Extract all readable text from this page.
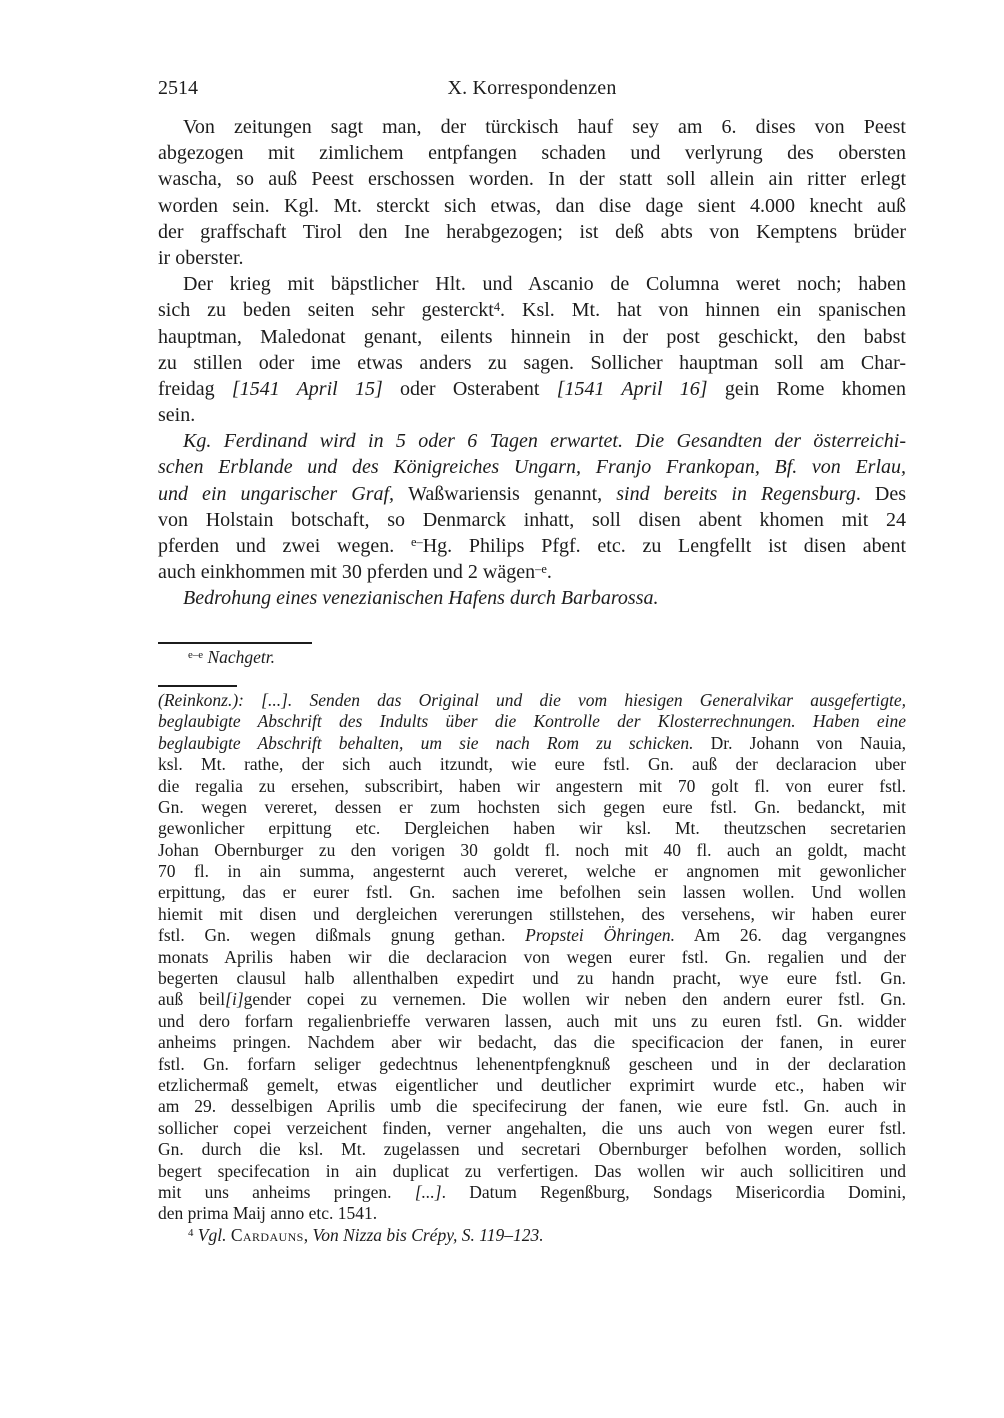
2514	X. Korrespondenzen
Von zeitungen sagt man, der türckisch hauf sey am 6. dises von Peest
abgezogen mit zimlichem entpfangen schaden und verlyrung des obersten
wascha, so auß Peest erschossen worden. In der statt soll allein ain ritter erlegt
worden sein. Kgl. Mt. sterckt sich etwas, dan dise dage sient 4.000 knecht auß
der graffschaft Tirol den Ine herabgezogen; ist deß abts von Kemptens brüder
ir oberster.
Der krieg mit bäpstlicher Hlt. und Ascanio de Columna weret noch; haben
sich zu beden seiten sehr gesterckt$^4$. Ksl. Mt. hat von hinnen ein spanischen
hauptman, Maledonat genant, eilents hinnein in der post geschickt, den babst
zu stillen oder ime etwas anders zu sagen. Sollicher hauptman soll am Char-
freidag [1541 April 15] oder Osterabent [1541 April 16] gein Rome khomen
sein.
Kg. Ferdinand wird in 5 oder 6 Tagen erwartet. Die Gesandten der österreichi-
schen Erblande und des Königreiches Ungarn, Franjo Frankopan, Bf. von Erlau,
und ein ungarischer Graf, Waßwariensis genannt, sind bereits in Regensburg. Des
von Holstain botschaft, so Denmarck inhatt, soll disen abent khomen mit 24
pferden und zwei wegen. $^{e-}$Hg. Philips Pfgf. etc. zu Lengfellt ist disen abent
auch einkhommen mit 30 pferden und 2 wägen$^{-e}$.
Bedrohung eines venezianischen Hafens durch Barbarossa.
$^{e-e}$ Nachgetr.
(Reinkonz.): [...]. Senden das Original und die vom hiesigen Generalvikar ausgefertigte,
beglaubigte Abschrift des Indults über die Kontrolle der Klosterrechnungen. Haben eine
beglaubigte Abschrift behalten, um sie nach Rom zu schicken. Dr. Johann von Nauia,
ksl. Mt. rathe, der sich auch itzundt, wie eure fstl. Gn. auß der declaracion uber
die regalia zu ersehen, subscribirt, haben wir angestern mit 70 golt fl. von eurer fstl.
Gn. wegen vereret, dessen er zum hochsten sich gegen eure fstl. Gn. bedanckt, mit
gewonlicher erpittung etc. Dergleichen haben wir ksl. Mt. theutzschen secretarien
Johan Obernburger zu den vorigen 30 goldt fl. noch mit 40 fl. auch an goldt, macht
70 fl. in ain summa, angesternt auch vereret, welche er angnomen mit gewonlicher
erpittung, das er eurer fstl. Gn. sachen ime befolhen sein lassen wollen. Und wollen
hiemit mit disen und dergleichen vererungen stillstehen, des versehens, wir haben eurer
fstl. Gn. wegen dißmals gnung gethan. Propstei Öhringen. Am 26. dag vergangnes
monats Aprilis haben wir die declaracion von wegen eurer fstl. Gn. regalien und der
begerten clausul halb allenthalben expedirt und zu handn pracht, wye eure fstl. Gn.
auß beil[i]gender copei zu vernemen. Die wollen wir neben den andern eurer fstl. Gn.
und dero forfarn regalienbrieffe verwaren lassen, auch mit uns zu euren fstl. Gn. widder
anheims pringen. Nachdem aber wir bedacht, das die specificacion der fanen, in eurer
fstl. Gn. forfarn seliger gedechtnus lehenentpfengknuß gescheen und in der declaration
etzlichermaß gemelt, etwas eigentlicher und deutlicher exprimirt wurde etc., haben wir
am 29. desselbigen Aprilis umb die specifecirung der fanen, wie eure fstl. Gn. auch in
sollicher copei verzeichent finden, verner angehalten, die uns auch von wegen eurer fstl.
Gn. durch die ksl. Mt. zugelassen und secretari Obernburger befolhen worden, sollich
begert specifecation in ain duplicat zu verfertigen. Das wollen wir auch sollicitiren und
mit uns anheims pringen. [...]. Datum Regenßburg, Sondags Misericordia Domini,
den prima Maij anno etc. 1541.
$^4$ Vgl. Cardauns, Von Nizza bis Crépy, S. 119–123.
